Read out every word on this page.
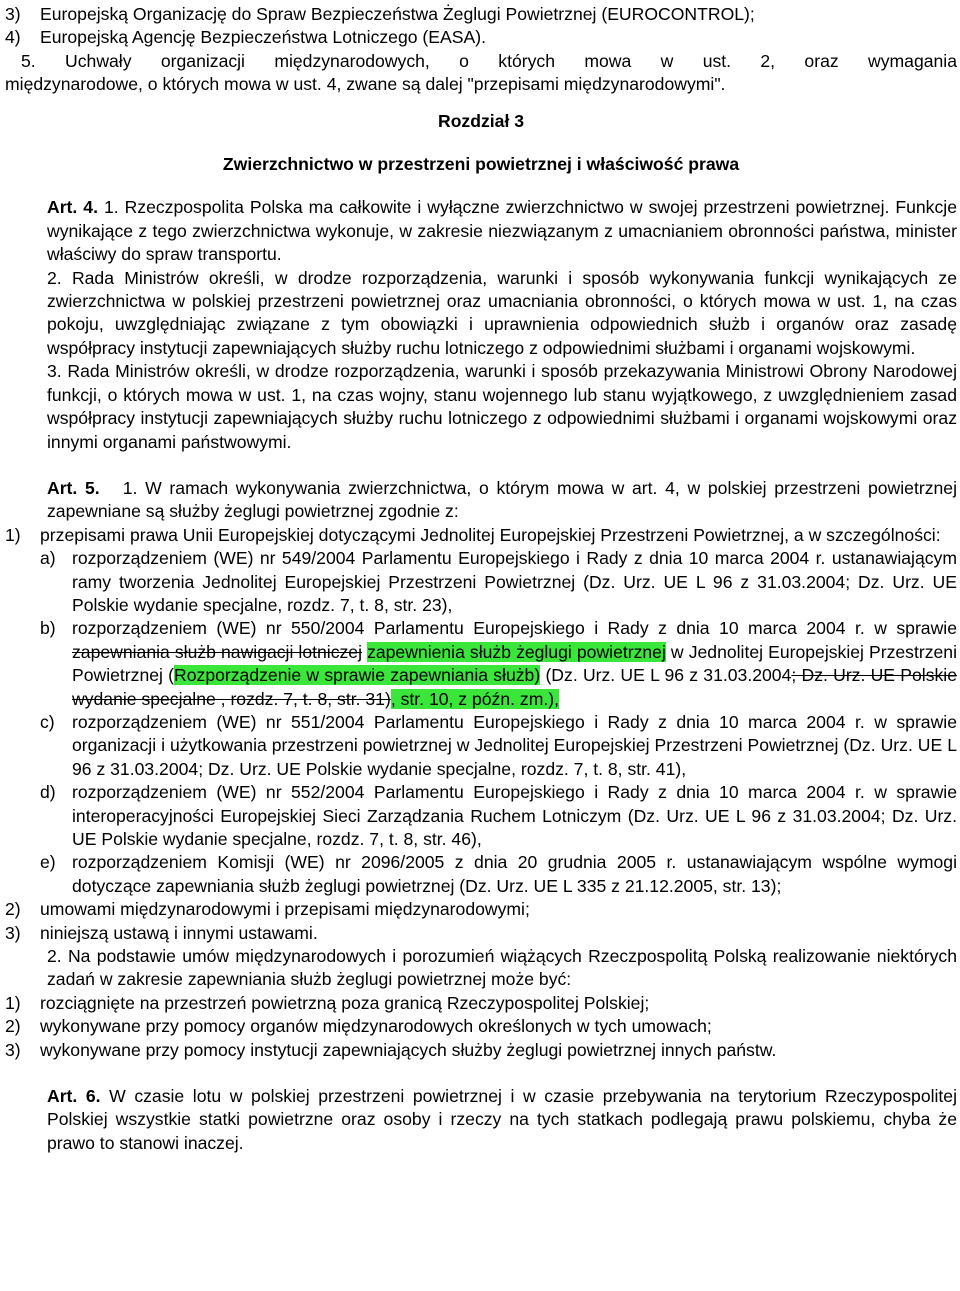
3)	Europejską Organizację do Spraw Bezpieczeństwa Żeglugi Powietrznej (EUROCONTROL);
4)	Europejską Agencję Bezpieczeństwa Lotniczego (EASA).

5. Uchwały organizacji międzynarodowych, o których mowa w ust. 2, oraz wymagania

międzynarodowe, o których mowa w ust. 4, zwane są dalej "przepisami międzynarodowymi".

Rozdział 3

Zwierzchnictwo w przestrzeni powietrznej i właściwość prawa

Art. 4. 1. Rzeczpospolita Polska ma całkowite i wyłączne zwierzchnictwo w swojej przestrzeni powietrznej. Funkcje wynikające z tego zwierzchnictwa wykonuje, w zakresie niezwiązanym z umacnianiem obronności państwa, minister właściwy do spraw transportu.

2. Rada Ministrów określi, w drodze rozporządzenia, warunki i sposób wykonywania funkcji wynikających ze zwierzchnictwa w polskiej przestrzeni powietrznej oraz umacniania obronności, o których mowa w ust. 1, na czas pokoju, uwzględniając związane z tym obowiązki i uprawnienia odpowiednich służb i organów oraz zasadę współpracy instytucji zapewniających służby ruchu lotniczego z odpowiednimi służbami i organami wojskowymi.

3. Rada Ministrów określi, w drodze rozporządzenia, warunki i sposób przekazywania Ministrowi Obrony Narodowej funkcji, o których mowa w ust. 1, na czas wojny, stanu wojennego lub stanu wyjątkowego, z uwzględnieniem zasad współpracy instytucji zapewniających służby ruchu lotniczego z odpowiednimi służbami i organami wojskowymi oraz innymi organami państwowymi.

Art. 5. 1. W ramach wykonywania zwierzchnictwa, o którym mowa w art. 4, w polskiej przestrzeni powietrznej zapewniane są służby żeglugi powietrznej zgodnie z:

1)	przepisami prawa Unii Europejskiej dotyczącymi Jednolitej Europejskiej Przestrzeni Powietrznej, a w szczególności:
a) rozporządzeniem (WE) nr 549/2004 Parlamentu Europejskiego i Rady z dnia 10 marca 2004 r. ustanawiającym ramy tworzenia Jednolitej Europejskiej Przestrzeni Powietrznej (Dz. Urz. UE L 96 z 31.03.2004; Dz. Urz. UE Polskie wydanie specjalne, rozdz. 7, t. 8, str. 23),
b) rozporządzeniem (WE) nr 550/2004 Parlamentu Europejskiego i Rady z dnia 10 marca 2004 r. w sprawie zapewniania służb nawigacji lotniczej zapewnienia służb żeglugi powietrznej w Jednolitej Europejskiej Przestrzeni Powietrznej (Rozporządzenie w sprawie zapewniania służb) (Dz. Urz. UE L 96 z 31.03.2004; Dz. Urz. UE Polskie wydanie specjalne , rozdz. 7, t. 8, str. 31), str. 10, z późn. zm.),
c) rozporządzeniem (WE) nr 551/2004 Parlamentu Europejskiego i Rady z dnia 10 marca 2004 r. w sprawie organizacji i użytkowania przestrzeni powietrznej w Jednolitej Europejskiej Przestrzeni Powietrznej (Dz. Urz. UE L 96 z 31.03.2004; Dz. Urz. UE Polskie wydanie specjalne, rozdz. 7, t. 8, str. 41),
d) rozporządzeniem (WE) nr 552/2004 Parlamentu Europejskiego i Rady z dnia 10 marca 2004 r. w sprawie interoperacyjności Europejskiej Sieci Zarządzania Ruchem Lotniczym (Dz. Urz. UE L 96 z 31.03.2004; Dz. Urz. UE Polskie wydanie specjalne, rozdz. 7, t. 8, str. 46),
e) rozporządzeniem Komisji (WE) nr 2096/2005 z dnia 20 grudnia 2005 r. ustanawiającym wspólne wymogi dotyczące zapewniania służb żeglugi powietrznej (Dz. Urz. UE L 335 z 21.12.2005, str. 13);
2)	umowami międzynarodowymi i przepisami międzynarodowymi;
3)	niniejszą ustawą i innymi ustawami.

2. Na podstawie umów międzynarodowych i porozumień wiążących Rzeczpospolitą Polską realizowanie niektórych zadań w zakresie zapewniania służb żeglugi powietrznej może być:

1)	rozciągnięte na przestrzeń powietrzną poza granicą Rzeczypospolitej Polskiej;
2)	wykonywane przy pomocy organów międzynarodowych określonych w tych umowach;
3)	wykonywane przy pomocy instytucji zapewniających służby żeglugi powietrznej innych państw.

Art. 6. W czasie lotu w polskiej przestrzeni powietrznej i w czasie przebywania na terytorium Rzeczypospolitej Polskiej wszystkie statki powietrzne oraz osoby i rzeczy na tych statkach podlegają prawu polskiemu, chyba że prawo to stanowi inaczej.
